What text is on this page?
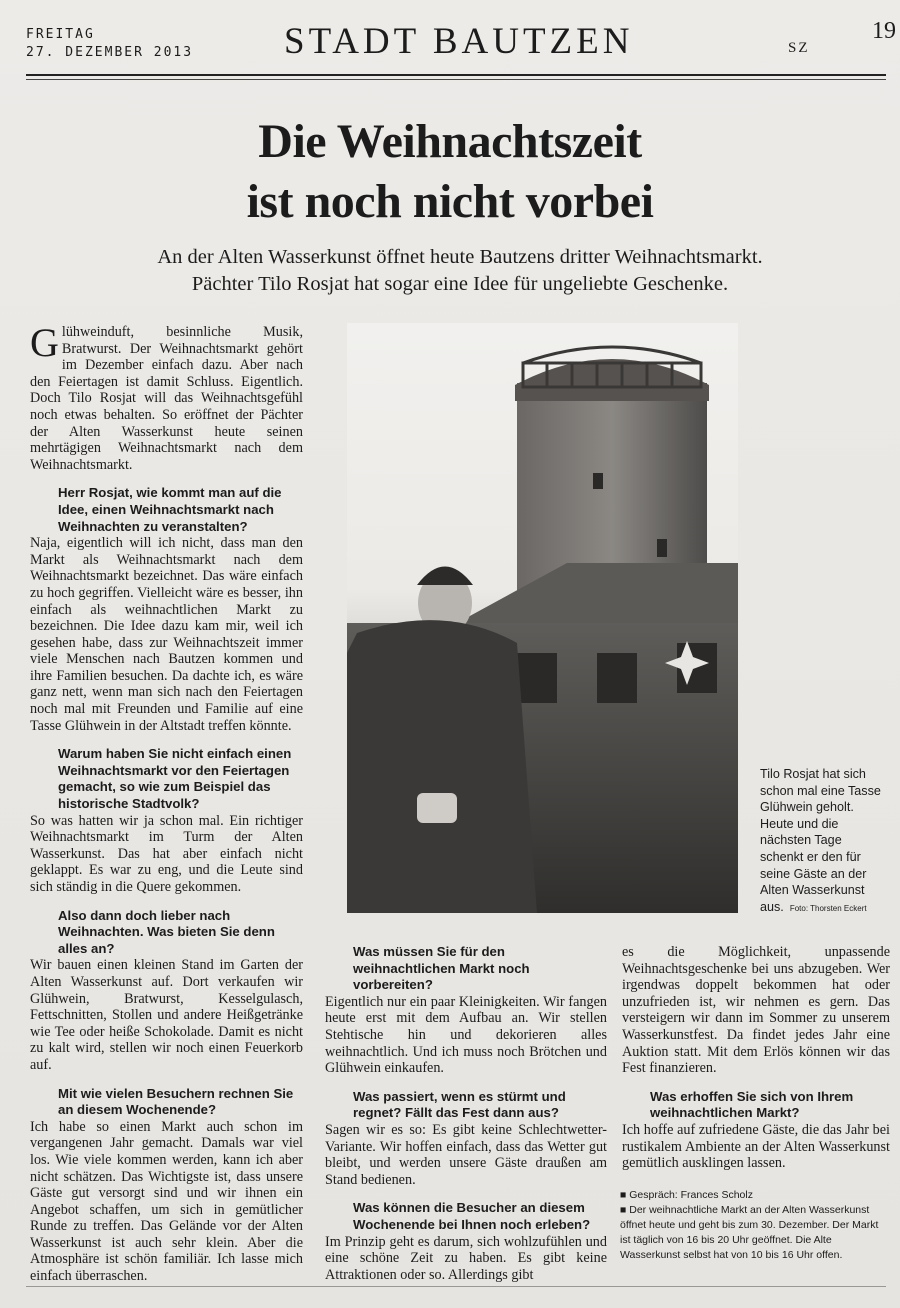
FREITAG
27. DEZEMBER 2013 STADT BAUTZEN	SZ
19
Die Weihnachtszeit
ist noch nicht vorbei

An der Alten Wasserkunst öffnet heute Bautzens dritter Weihnachtsmarkt.
Pächter Tilo Rosjat hat sogar eine Idee für ungeliebte Geschenke.

Glühweinduft, besinnliche Musik, Bratwurst. Der Weihnachtsmarkt gehört im Dezember einfach dazu. Aber nach den Feiertagen ist damit Schluss. Eigentlich. Doch Tilo Rosjat will das Weihnachtsgefühl noch etwas behalten. So eröffnet der Pächter der Alten Wasserkunst heute seinen mehrtägigen Weihnachtsmarkt nach dem Weihnachtsmarkt.

Herr Rosjat, wie kommt man auf die Idee, einen Weihnachtsmarkt nach Weihnachten zu veranstalten?

Naja, eigentlich will ich nicht, dass man den Markt als Weihnachtsmarkt nach dem Weihnachtsmarkt bezeichnet. Das wäre einfach zu hoch gegriffen. Vielleicht wäre es besser, ihn einfach als weihnachtlichen Markt zu bezeichnen. Die Idee dazu kam mir, weil ich gesehen habe, dass zur Weihnachtszeit immer viele Menschen nach Bautzen kommen und ihre Familien besuchen. Da dachte ich, es wäre ganz nett, wenn man sich nach den Feiertagen noch mal mit Freunden und Familie auf eine Tasse Glühwein in der Altstadt treffen könnte.

Warum haben Sie nicht einfach einen Weihnachtsmarkt vor den Feiertagen gemacht, so wie zum Beispiel das historische Stadtvolk?

So was hatten wir ja schon mal. Ein richtiger Weihnachtsmarkt im Turm der Alten Wasserkunst. Das hat aber einfach nicht geklappt. Es war zu eng, und die Leute sind sich ständig in die Quere gekommen.

Also dann doch lieber nach Weihnachten. Was bieten Sie denn alles an?

Wir bauen einen kleinen Stand im Garten der Alten Wasserkunst auf. Dort verkaufen wir Glühwein, Bratwurst, Kesselgulasch, Fettschnitten, Stollen und andere Heißgetränke wie Tee oder heiße Schokolade. Damit es nicht zu kalt wird, stellen wir noch einen Feuerkorb auf.

Mit wie vielen Besuchern rechnen Sie an diesem Wochenende?

Ich habe so einen Markt auch schon im vergangenen Jahr gemacht. Damals war viel los. Wie viele kommen werden, kann ich aber nicht schätzen. Das Wichtigste ist, dass unsere Gäste gut versorgt sind und wir ihnen ein Angebot schaffen, um sich in gemütlicher Runde zu treffen. Das Gelände vor der Alten Wasserkunst ist auch sehr klein. Aber die Atmosphäre ist schön familiär. Ich lasse mich einfach überraschen.

Tilo Rosjat hat sich schon mal eine Tasse Glühwein geholt. Heute und die nächsten Tage schenkt er den für seine Gäste an der Alten Wasserkunst aus. Foto: Thorsten Eckert

Was müssen Sie für den weihnachtlichen Markt noch vorbereiten?

Eigentlich nur ein paar Kleinigkeiten. Wir fangen heute erst mit dem Aufbau an. Wir stellen Stehtische hin und dekorieren alles weihnachtlich. Und ich muss noch Brötchen und Glühwein einkaufen.

Was passiert, wenn es stürmt und regnet? Fällt das Fest dann aus?

Sagen wir es so: Es gibt keine Schlechtwetter-Variante. Wir hoffen einfach, dass das Wetter gut bleibt, und werden unsere Gäste draußen am Stand bedienen.

Was können die Besucher an diesem Wochenende bei Ihnen noch erleben?

Im Prinzip geht es darum, sich wohlzufühlen und eine schöne Zeit zu haben. Es gibt keine Attraktionen oder so. Allerdings gibt

es die Möglichkeit, unpassende Weihnachtsgeschenke bei uns abzugeben. Wer irgendwas doppelt bekommen hat oder unzufrieden ist, wir nehmen es gern. Das versteigern wir dann im Sommer zu unserem Wasserkunstfest. Da findet jedes Jahr eine Auktion statt. Mit dem Erlös können wir das Fest finanzieren.

Was erhoffen Sie sich von Ihrem weihnachtlichen Markt?

Ich hoffe auf zufriedene Gäste, die das Jahr bei rustikalem Ambiente an der Alten Wasserkunst gemütlich ausklingen lassen.

■ Gespräch: Frances Scholz

■ Der weihnachtliche Markt an der Alten Wasserkunst öffnet heute und geht bis zum 30. Dezember. Der Markt ist täglich von 16 bis 20 Uhr geöffnet. Die Alte Wasserkunst selbst hat von 10 bis 16 Uhr offen.
